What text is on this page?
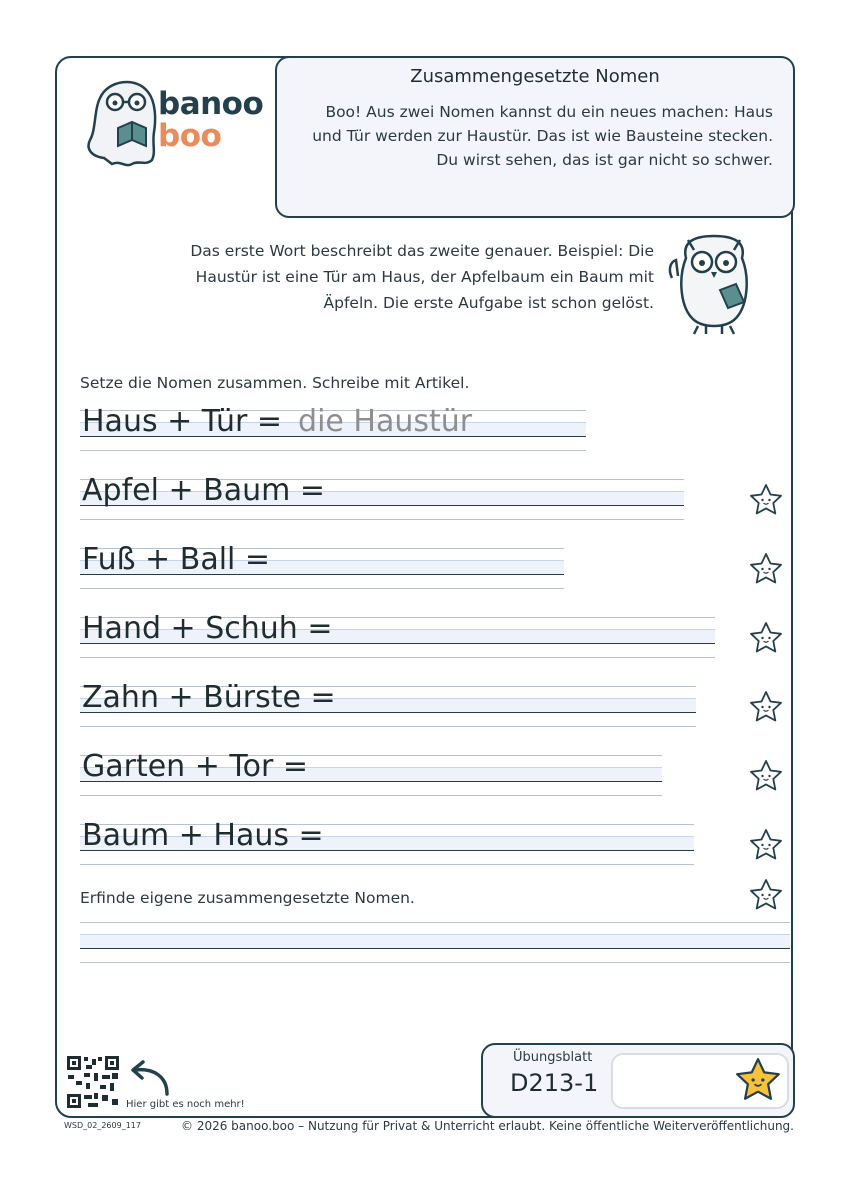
banoo
boo
Zusammengesetzte Nomen
Boo! Aus zwei Nomen kannst du ein neues machen: Haus und Tür werden zur Haustür. Das ist wie Bausteine stecken. Du wirst sehen, das ist gar nicht so schwer.
Das erste Wort beschreibt das zweite genauer. Beispiel: Die Haustür ist eine Tür am Haus, der Apfelbaum ein Baum mit Äpfeln. Die erste Aufgabe ist schon gelöst.
Setze die Nomen zusammen. Schreibe mit Artikel.
Haus + Tür = die Haustür
Apfel + Baum =
Fuß + Ball =
Hand + Schuh =
Zahn + Bürste =
Garten + Tor =
Baum + Haus =
Erfinde eigene zusammengesetzte Nomen.
Hier gibt es noch mehr!
Übungsblatt
D213-1
WSD_02_2609_117	© 2026 banoo.boo – Nutzung für Privat & Unterricht erlaubt. Keine öffentliche Weiterveröffentlichung.
